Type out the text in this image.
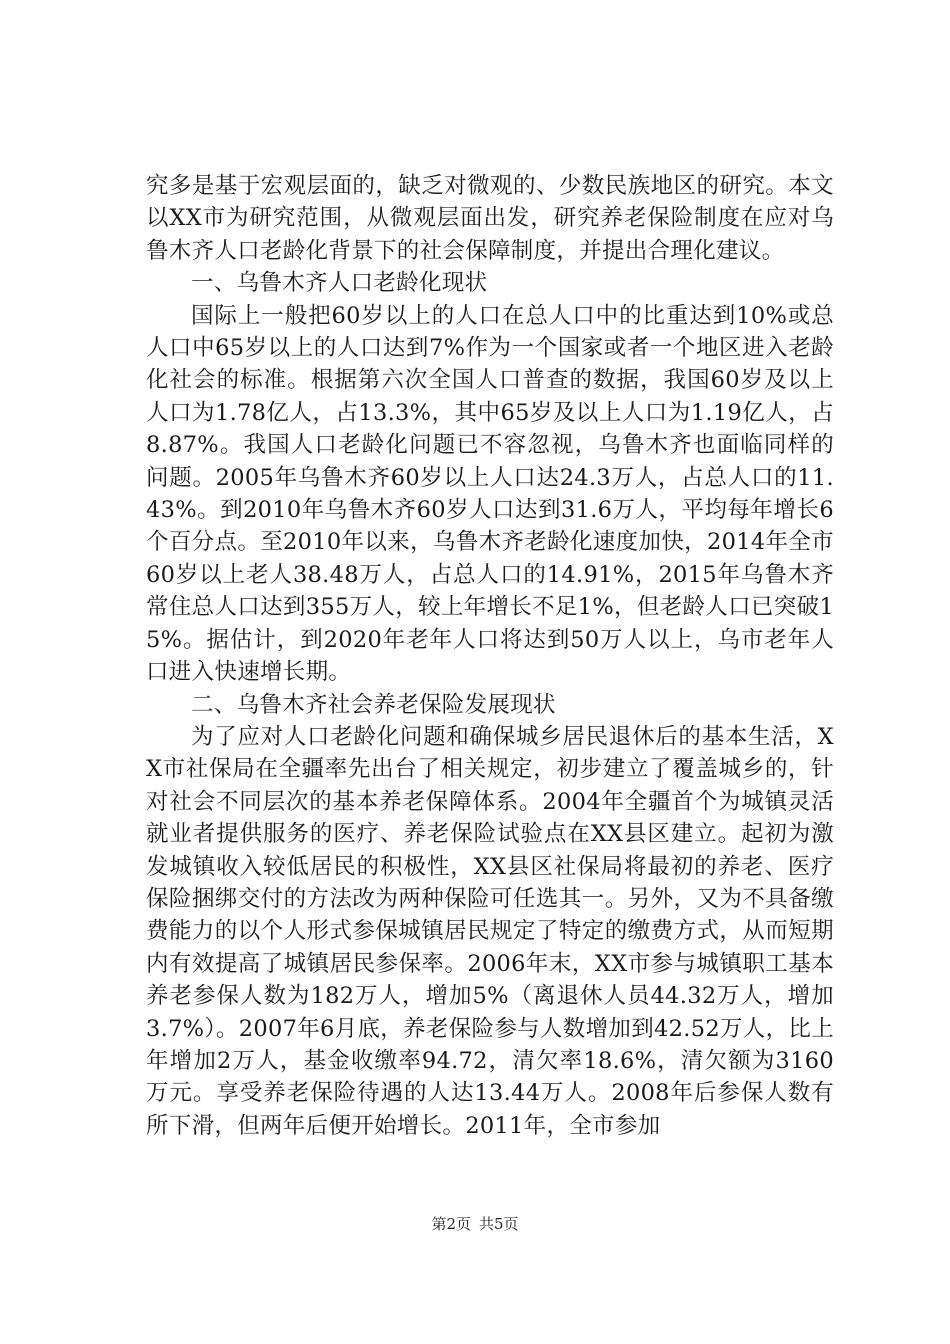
究多是基于宏观层面的，缺乏对微观的、少数民族地区的研究。本文以XX市为研究范围，从微观层面出发，研究养老保险制度在应对乌鲁木齐人口老龄化背景下的社会保障制度，并提出合理化建议。

一、乌鲁木齐人口老龄化现状

国际上一般把60岁以上的人口在总人口中的比重达到10%或总人口中65岁以上的人口达到7%作为一个国家或者一个地区进入老龄化社会的标准。根据第六次全国人口普查的数据，我国60岁及以上人口为1.78亿人，占13.3%，其中65岁及以上人口为1.19亿人，占8.87%。我国人口老龄化问题已不容忽视，乌鲁木齐也面临同样的问题。2005年乌鲁木齐60岁以上人口达24.3万人，占总人口的11.43%。到2010年乌鲁木齐60岁人口达到31.6万人，平均每年增长6个百分点。至2010年以来，乌鲁木齐老龄化速度加快，2014年全市60岁以上老人38.48万人，占总人口的14.91%，2015年乌鲁木齐常住总人口达到355万人，较上年增长不足1%，但老龄人口已突破15%。据估计，到2020年老年人口将达到50万人以上，乌市老年人口进入快速增长期。

二、乌鲁木齐社会养老保险发展现状

为了应对人口老龄化问题和确保城乡居民退休后的基本生活，XX市社保局在全疆率先出台了相关规定，初步建立了覆盖城乡的，针对社会不同层次的基本养老保障体系。2004年全疆首个为城镇灵活就业者提供服务的医疗、养老保险试验点在XX县区建立。起初为激发城镇收入较低居民的积极性，XX县区社保局将最初的养老、医疗保险捆绑交付的方法改为两种保险可任选其一。另外，又为不具备缴费能力的以个人形式参保城镇居民规定了特定的缴费方式，从而短期内有效提高了城镇居民参保率。2006年末，XX市参与城镇职工基本养老参保人数为182万人，增加5%（离退休人员44.32万人，增加3.7%）。2007年6月底，养老保险参与人数增加到42.52万人，比上年增加2万人，基金收缴率94.72，清欠率18.6%，清欠额为3160万元。享受养老保险待遇的人达13.44万人。2008年后参保人数有所下滑，但两年后便开始增长。2011年，全市参加

第2页 共5页
